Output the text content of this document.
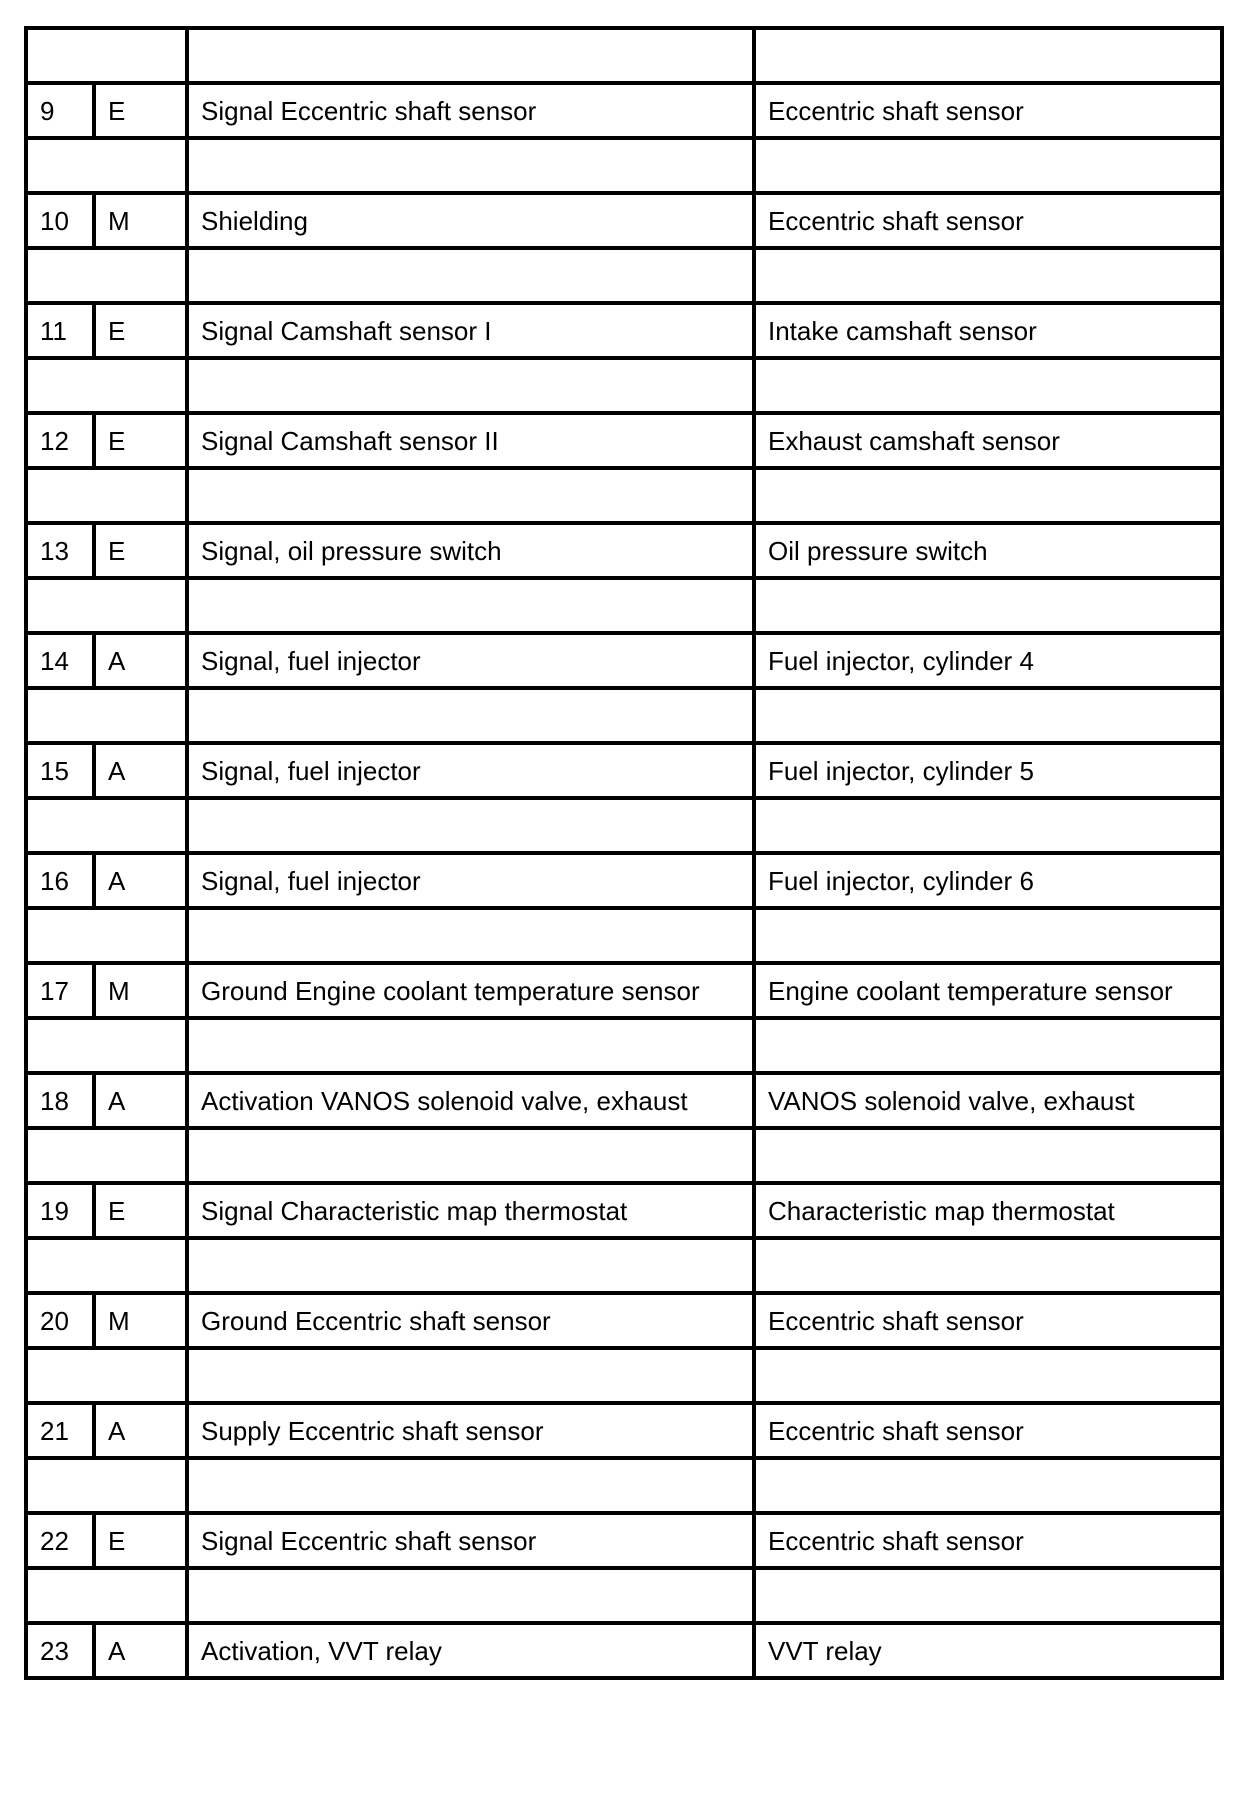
9	E	Signal Eccentric shaft sensor	Eccentric shaft sensor

10	M	Shielding	Eccentric shaft sensor

11	E	Signal Camshaft sensor I	Intake camshaft sensor

12	E	Signal Camshaft sensor II	Exhaust camshaft sensor

13	E	Signal, oil pressure switch	Oil pressure switch

14	A	Signal, fuel injector	Fuel injector, cylinder 4

15	A	Signal, fuel injector	Fuel injector, cylinder 5

16	A	Signal, fuel injector	Fuel injector, cylinder 6

17	M	Ground Engine coolant temperature sensor	Engine coolant temperature sensor

18	A	Activation VANOS solenoid valve, exhaust	VANOS solenoid valve, exhaust

19	E	Signal Characteristic map thermostat	Characteristic map thermostat

20	M	Ground Eccentric shaft sensor	Eccentric shaft sensor

21	A	Supply Eccentric shaft sensor	Eccentric shaft sensor

22	E	Signal Eccentric shaft sensor	Eccentric shaft sensor

23	A	Activation, VVT relay	VVT relay
